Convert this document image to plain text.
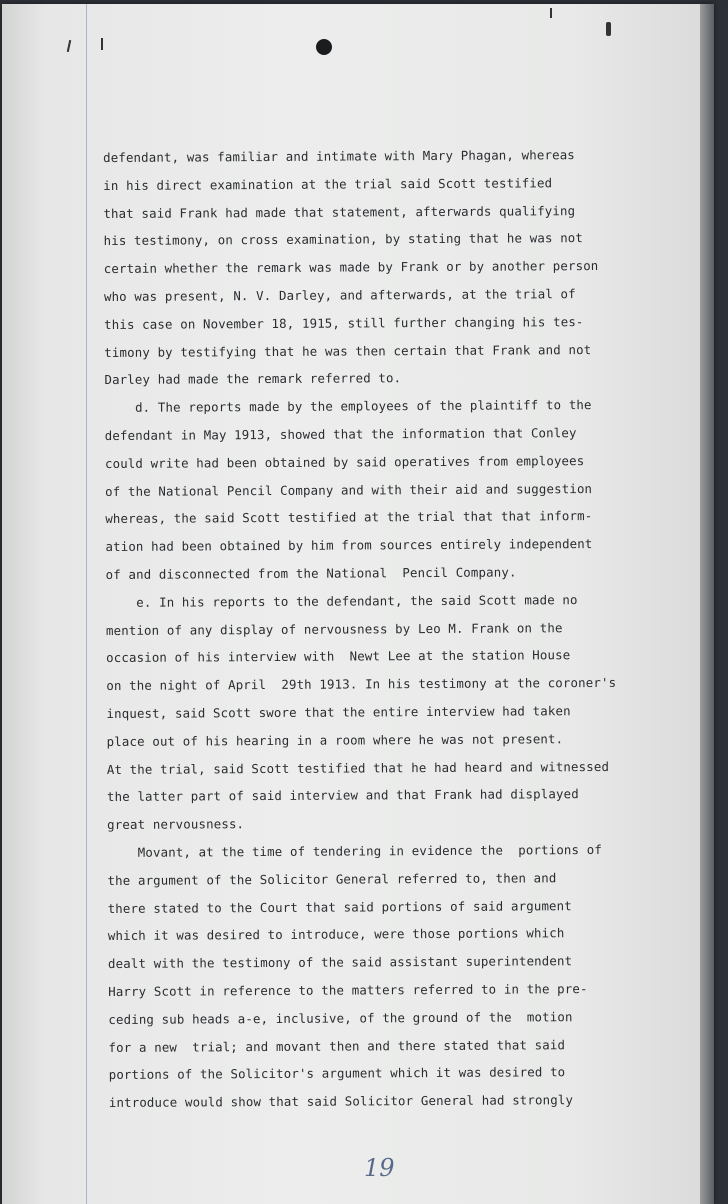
defendant, was familiar and intimate with Mary Phagan, whereas
in his direct examination at the trial said Scott testified
that said Frank had made that statement, afterwards qualifying
his testimony, on cross examination, by stating that he was not
certain whether the remark was made by Frank or by another person
who was present, N. V. Darley, and afterwards, at the trial of
this case on November 18, 1915, still further changing his tes-
timony by testifying that he was then certain that Frank and not
Darley had made the remark referred to.
d. The reports made by the employees of the plaintiff to the
defendant in May 1913, showed that the information that Conley
could write had been obtained by said operatives from employees
of the National Pencil Company and with their aid and suggestion
whereas, the said Scott testified at the trial that that inform-
ation had been obtained by him from sources entirely independent
of and disconnected from the National  Pencil Company.
e. In his reports to the defendant, the said Scott made no
mention of any display of nervousness by Leo M. Frank on the
occasion of his interview with  Newt Lee at the station House
on the night of April  29th 1913. In his testimony at the coroner's
inquest, said Scott swore that the entire interview had taken
place out of his hearing in a room where he was not present.
At the trial, said Scott testified that he had heard and witnessed
the latter part of said interview and that Frank had displayed
great nervousness.
Movant, at the time of tendering in evidence the  portions of
the argument of the Solicitor General referred to, then and
there stated to the Court that said portions of said argument
which it was desired to introduce, were those portions which
dealt with the testimony of the said assistant superintendent
Harry Scott in reference to the matters referred to in the pre-
ceding sub heads a-e, inclusive, of the ground of the  motion
for a new  trial; and movant then and there stated that said
portions of the Solicitor's argument which it was desired to
introduce would show that said Solicitor General had strongly
19
